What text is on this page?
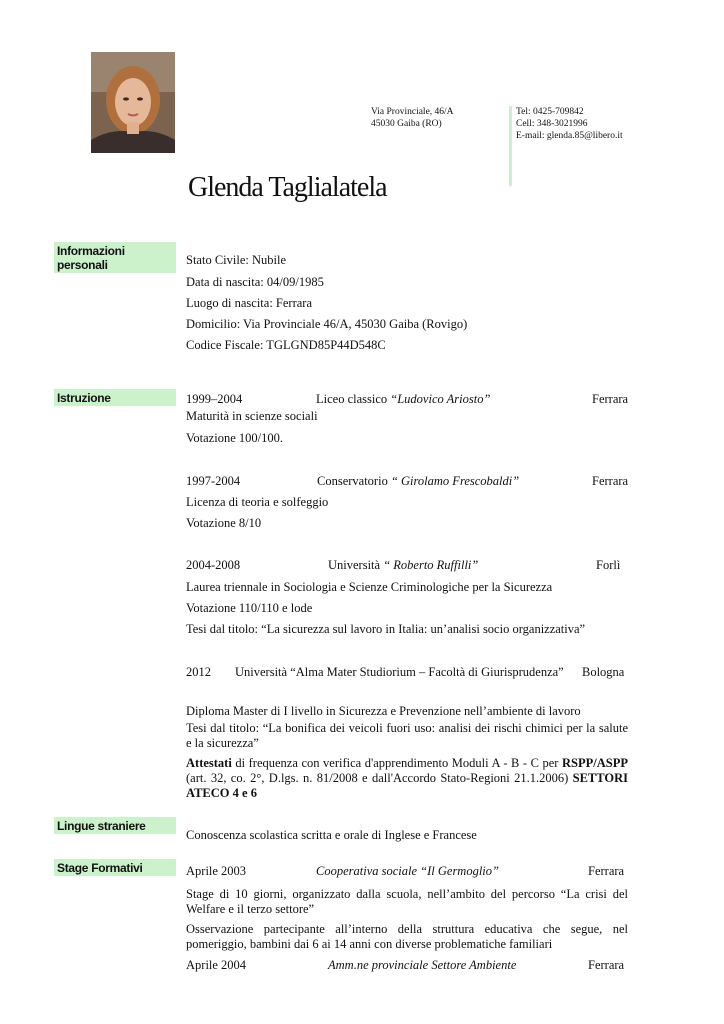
Via Provinciale, 46/A
45030 Gaiba (RO)
Tel: 0425-709842
Cell: 348-3021996
E-mail: glenda.85@libero.it
Glenda Taglialatela
Informazioni personali	Stato Civile: Nubile
Data di nascita: 04/09/1985
Luogo di nascita: Ferrara
Domicilio: Via Provinciale 46/A, 45030 Gaiba (Rovigo)
Codice Fiscale: TGLGND85P44D548C
Istruzione	1999–2004	Liceo classico “Ludovico Ariosto”	Ferrara
Maturità in scienze sociali
Votazione 100/100.
1997-2004	Conservatorio “ Girolamo Frescobaldi”	Ferrara
Licenza di teoria e solfeggio
Votazione 8/10
2004-2008	Università “ Roberto Ruffilli”	Forlì
Laurea triennale in Sociologia e Scienze Criminologiche per la Sicurezza
Votazione 110/110 e lode
Tesi dal titolo: “La sicurezza sul lavoro in Italia: un’analisi socio organizzativa”
2012 Università “Alma Mater Studiorium – Facoltà di Giurisprudenza” Bologna
Diploma Master di I livello in Sicurezza e Prevenzione nell’ambiente di lavoro
Tesi dal titolo: “La bonifica dei veicoli fuori uso: analisi dei rischi chimici per la salute e la sicurezza”
Attestati di frequenza con verifica d'apprendimento Moduli A - B - C per RSPP/ASPP (art. 32, co. 2°, D.lgs. n. 81/2008 e dall'Accordo Stato-Regioni 21.1.2006) SETTORI ATECO 4 e 6
Lingue straniere
Conoscenza scolastica scritta e orale di Inglese e Francese
Stage Formativi	Aprile 2003	Cooperativa sociale “Il Germoglio”	Ferrara
Stage di 10 giorni, organizzato dalla scuola, nell’ambito del percorso “La crisi del Welfare e il terzo settore”
Osservazione partecipante all’interno della struttura educativa che segue, nel pomeriggio, bambini dai 6 ai 14 anni con diverse problematiche familiari
Aprile 2004	Amm.ne provinciale Settore Ambiente	Ferrara
